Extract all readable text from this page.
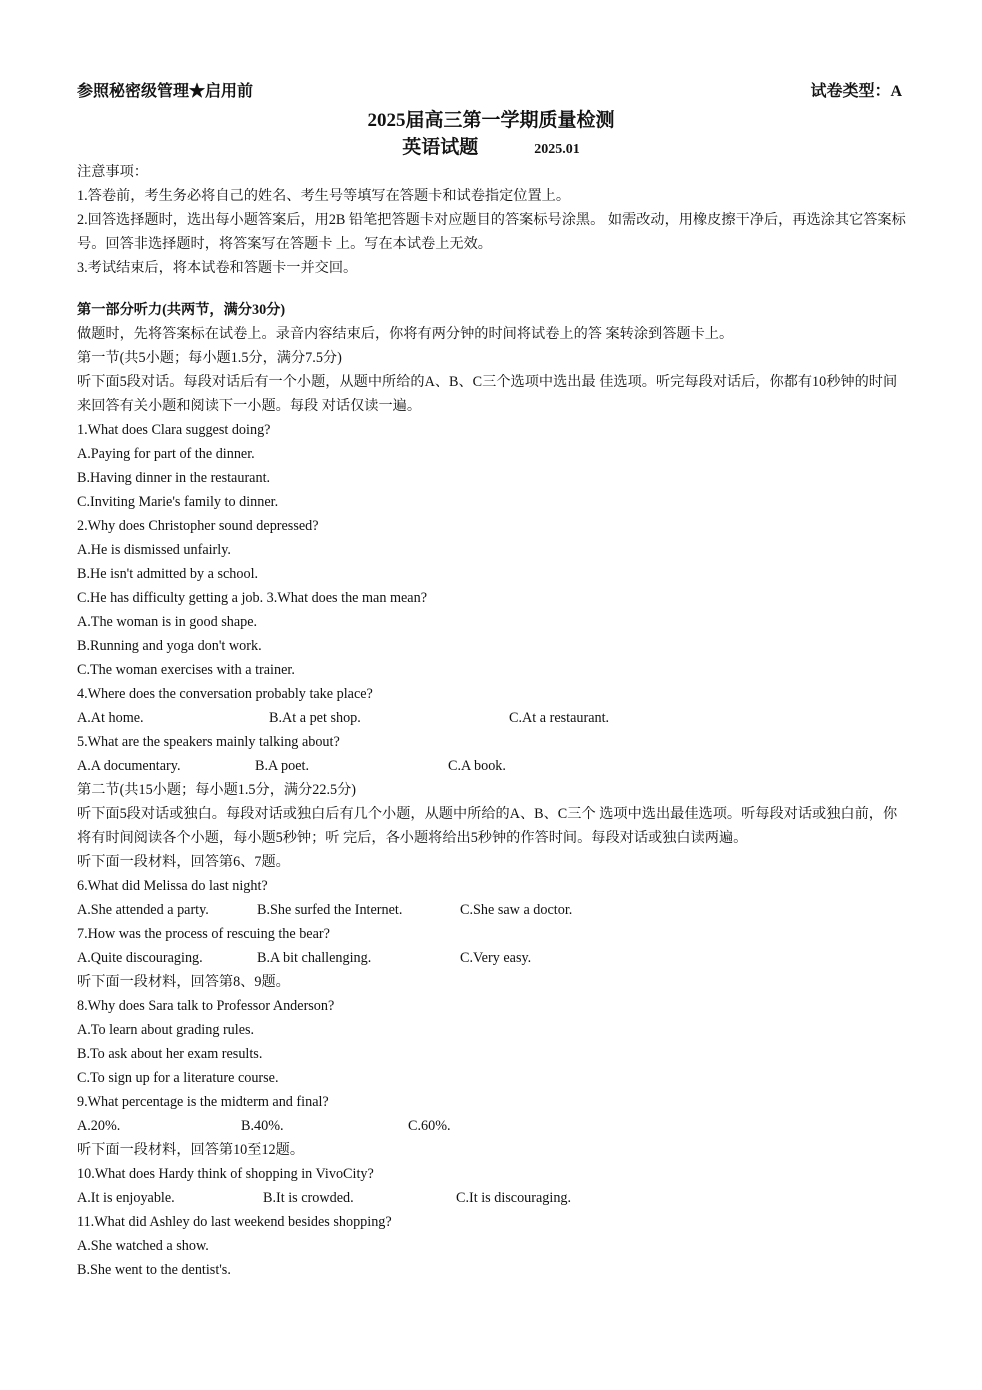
参照秘密级管理★启用前	试卷类型：A
2025届高三第一学期质量检测
英语试题	2025.01
注意事项：
1.答卷前，考生务必将自己的姓名、考生号等填写在答题卡和试卷指定位置上。
2.回答选择题时，选出每小题答案后，用2B 铅笔把答题卡对应题目的答案标号涂黑。 如需改动，用橡皮擦干净后，再选涂其它答案标号。回答非选择题时，将答案写在答题卡 上。写在本试卷上无效。
3.考试结束后，将本试卷和答题卡一并交回。
第一部分听力(共两节，满分30分)
做题时，先将答案标在试卷上。录音内容结束后，你将有两分钟的时间将试卷上的答 案转涂到答题卡上。
第一节(共5小题；每小题1.5分，满分7.5分)
听下面5段对话。每段对话后有一个小题，从题中所给的A、B、C三个选项中选出最 佳选项。听完每段对话后，你都有10秒钟的时间来回答有关小题和阅读下一小题。每段 对话仅读一遍。
1.What does Clara suggest doing?
A.Paying for part of the dinner.
B.Having dinner in the restaurant.
C.Inviting Marie's family to dinner.
2.Why does Christopher sound depressed?
A.He is dismissed unfairly.
B.He isn't admitted by a school.
C.He has difficulty getting a job. 3.What does the man mean?
A.The woman is in good shape.
B.Running and yoga don't work.
C.The woman exercises with a trainer.
4.Where does the conversation probably take place?
A.At home.	B.At a pet shop.	C.At a restaurant.
5.What are the speakers mainly talking about?
A.A documentary.	B.A poet.	C.A book.
第二节(共15小题；每小题1.5分，满分22.5分)
听下面5段对话或独白。每段对话或独白后有几个小题，从题中所给的A、B、C三个 选项中选出最佳选项。听每段对话或独白前，你将有时间阅读各个小题，每小题5秒钟；听 完后，各小题将给出5秒钟的作答时间。每段对话或独白读两遍。
听下面一段材料，回答第6、7题。
6.What did Melissa do last night?
A.She attended a party.	B.She surfed the Internet.	C.She saw a doctor.
7.How was the process of rescuing the bear?
A.Quite discouraging.	B.A bit challenging.	C.Very easy.
听下面一段材料，回答第8、9题。
8.Why does Sara talk to Professor Anderson?
A.To learn about grading rules.
B.To ask about her exam results.
C.To sign up for a literature course.
9.What percentage is the midterm and final?
A.20%.	B.40%.	C.60%.
听下面一段材料，回答第10至12题。
10.What does Hardy think of shopping in VivoCity?
A.It is enjoyable.	B.It is crowded.	C.It is discouraging.
11.What did Ashley do last weekend besides shopping?
A.She watched a show.
B.She went to the dentist's.
